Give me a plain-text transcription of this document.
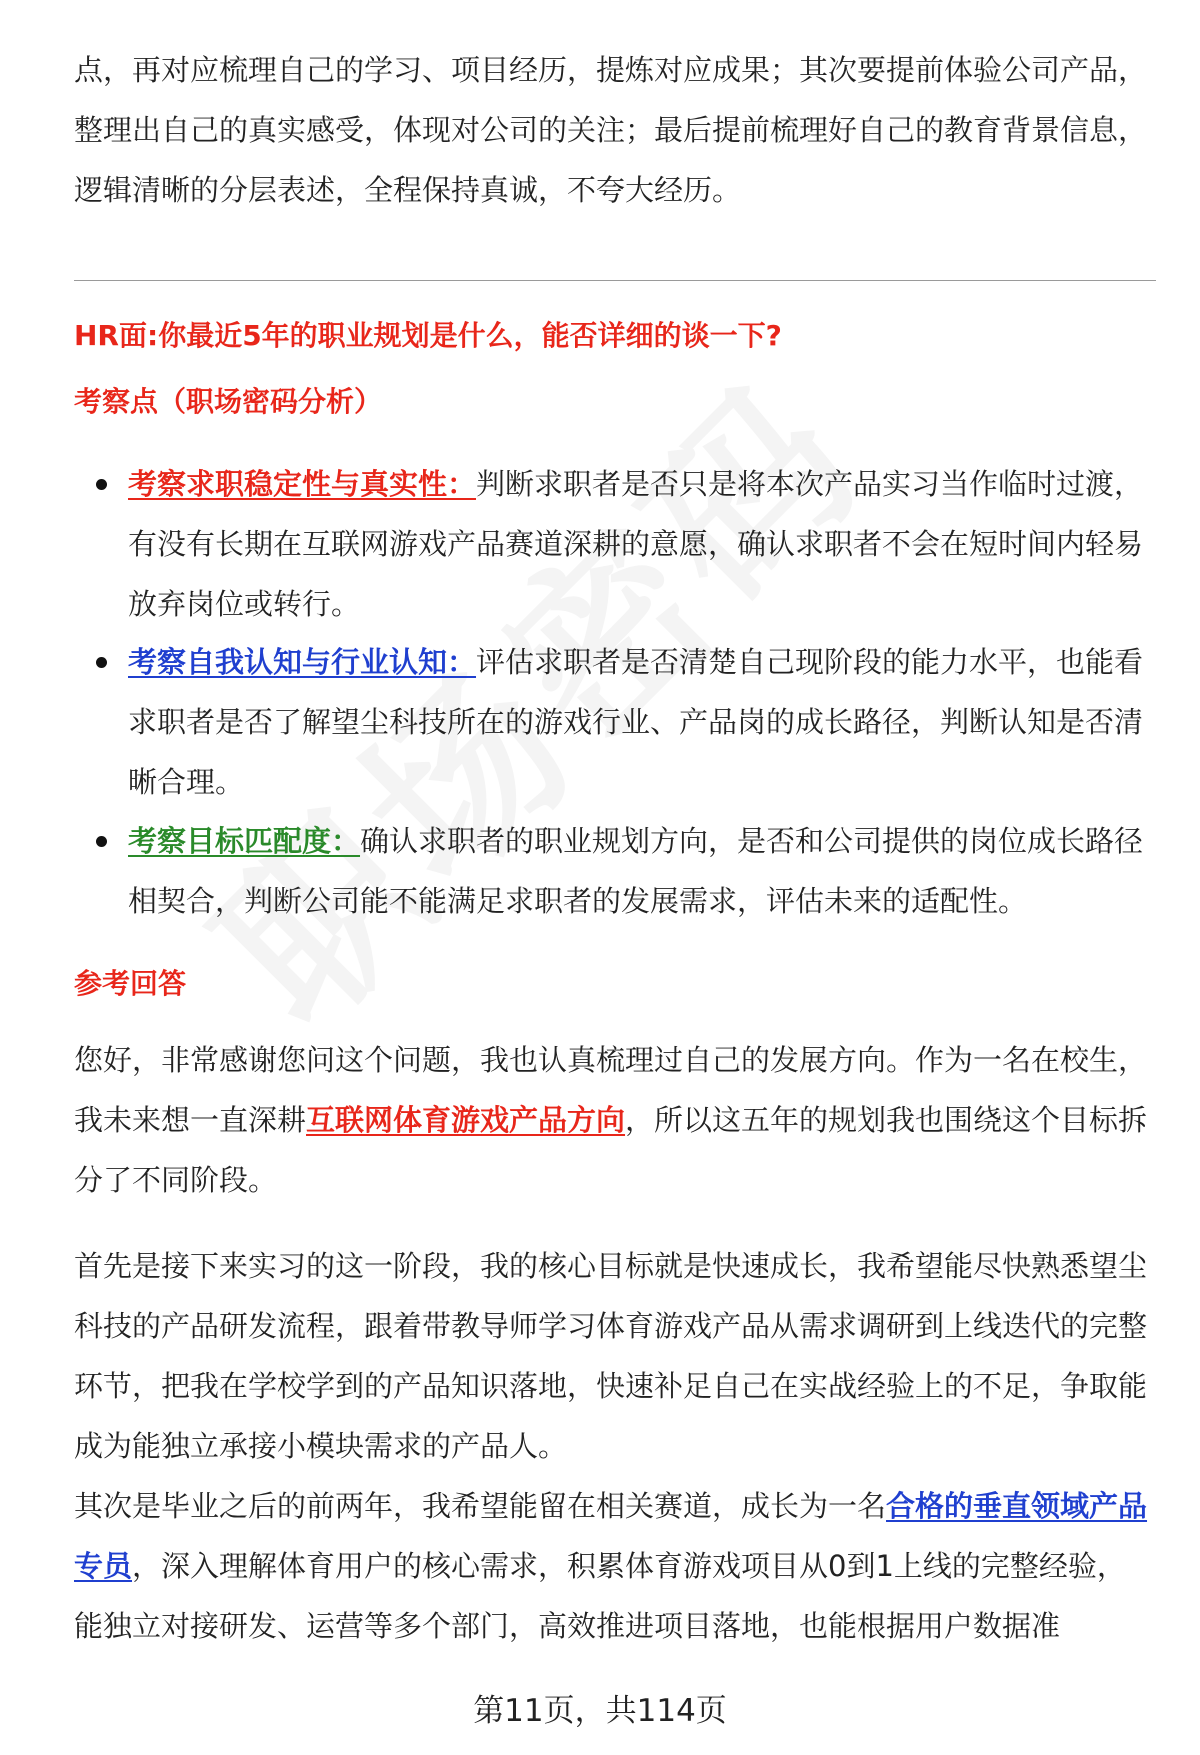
点，再对应梳理自己的学习、项目经历，提炼对应成果；其次要提前体验公司产品，整理出自己的真实感受，体现对公司的关注；最后提前梳理好自己的教育背景信息，逻辑清晰的分层表述，全程保持真诚，不夸大经历。

HR面:你最近5年的职业规划是什么，能否详细的谈一下?
考察点（职场密码分析）
考察求职稳定性与真实性：判断求职者是否只是将本次产品实习当作临时过渡，有没有长期在互联网游戏产品赛道深耕的意愿，确认求职者不会在短时间内轻易放弃岗位或转行。
考察自我认知与行业认知：评估求职者是否清楚自己现阶段的能力水平，也能看求职者是否了解望尘科技所在的游戏行业、产品岗的成长路径，判断认知是否清晰合理。
考察目标匹配度：确认求职者的职业规划方向，是否和公司提供的岗位成长路径相契合，判断公司能不能满足求职者的发展需求，评估未来的适配性。
参考回答

您好，非常感谢您问这个问题，我也认真梳理过自己的发展方向。作为一名在校生，我未来想一直深耕互联网体育游戏产品方向，所以这五年的规划我也围绕这个目标拆分了不同阶段。

首先是接下来实习的这一阶段，我的核心目标就是快速成长，我希望能尽快熟悉望尘科技的产品研发流程，跟着带教导师学习体育游戏产品从需求调研到上线迭代的完整环节，把我在学校学到的产品知识落地，快速补足自己在实战经验上的不足，争取能成为能独立承接小模块需求的产品人。

其次是毕业之后的前两年，我希望能留在相关赛道，成长为一名合格的垂直领域产品专员，深入理解体育用户的核心需求，积累体育游戏项目从0到1上线的完整经验，能独立对接研发、运营等多个部门，高效推进项目落地，也能根据用户数据准

第11页，共114页
